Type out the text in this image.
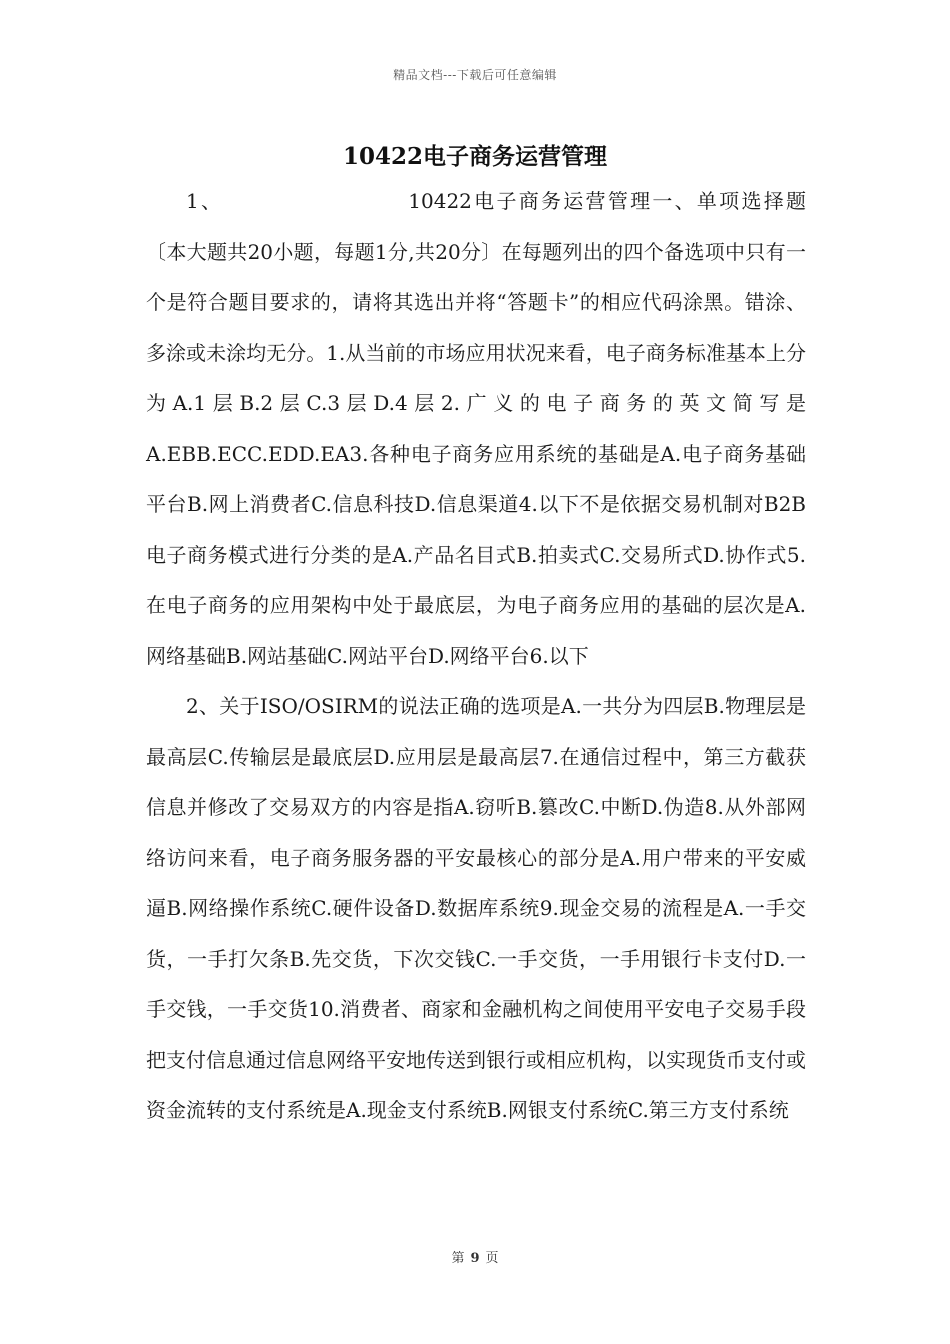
精品文档---下载后可任意编辑
10422电子商务运营管理

1、	10422电子商务运营管理一、单项选择题〔本大题共20小题，每题1分,共20分〕在每题列出的四个备选项中只有一个是符合题目要求的，请将其选出并将“答题卡”的相应代码涂黑。错涂、多涂或未涂均无分。1.从当前的市场应用状况来看，电子商务标准基本上分为A.1层B.2层C.3层D.4层2.广义的电子商务的英文简写是A.EBB.ECC.EDD.EA3.各种电子商务应用系统的基础是A.电子商务基础平台B.网上消费者C.信息科技D.信息渠道4.以下不是依据交易机制对B2B电子商务模式进行分类的是A.产品名目式B.拍卖式C.交易所式D.协作式5.在电子商务的应用架构中处于最底层，为电子商务应用的基础的层次是A.网络基础B.网站基础C.网站平台D.网络平台6.以下

2、关于ISO/OSIRM的说法正确的选项是A.一共分为四层B.物理层是最高层C.传输层是最底层D.应用层是最高层7.在通信过程中，第三方截获信息并修改了交易双方的内容是指A.窃听B.篡改C.中断D.伪造8.从外部网络访问来看，电子商务服务器的平安最核心的部分是A.用户带来的平安威逼B.网络操作系统C.硬件设备D.数据库系统9.现金交易的流程是A.一手交货，一手打欠条B.先交货，下次交钱C.一手交货，一手用银行卡支付D.一手交钱，一手交货10.消费者、商家和金融机构之间使用平安电子交易手段把支付信息通过信息网络平安地传送到银行或相应机构，以实现货币支付或资金流转的支付系统是A.现金支付系统B.网银支付系统C.第三方支付系统

第 9 页
